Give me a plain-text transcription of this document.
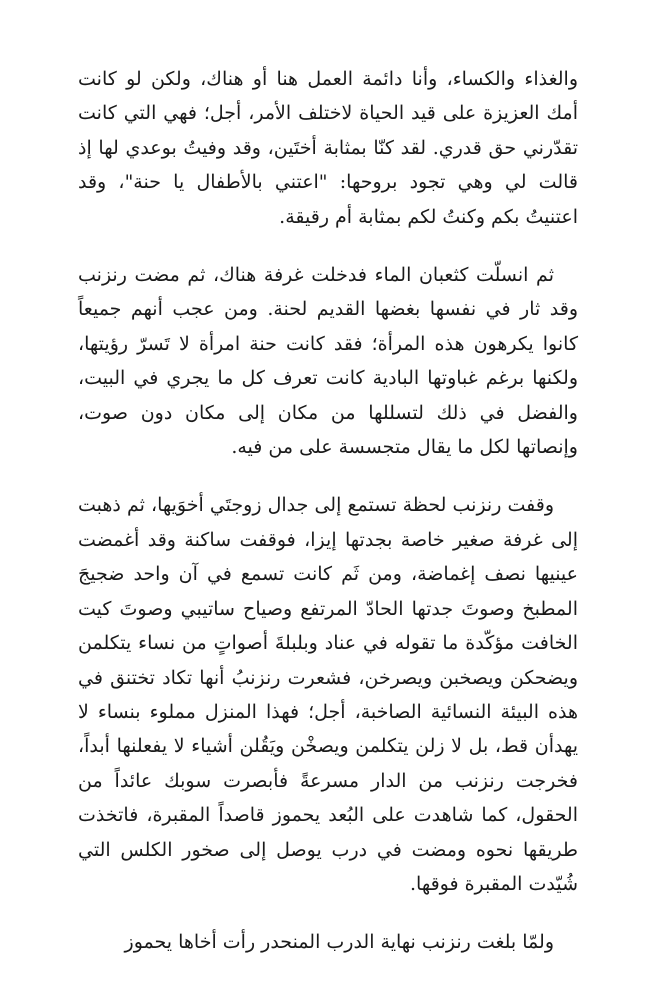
والغذاء والكساء، وأنا دائمة العمل هنا أو هناك، ولكن لو كانت أمك العزيزة على قيد الحياة لاختلف الأمر، أجل؛ فهي التي كانت تقدّرني حق قدري. لقد كنّا بمثابة أختَين، وقد وفيتُ بوعدي لها إذ قالت لي وهي تجود بروحها: "اعتني بالأطفال يا حنة"، وقد اعتنيتُ بكم وكنتُ لكم بمثابة أم رقيقة.

ثم انسلّت كثعبان الماء فدخلت غرفة هناك، ثم مضت رنزنب وقد ثار في نفسها بغضها القديم لحنة. ومن عجب أنهم جميعاً كانوا يكرهون هذه المرأة؛ فقد كانت حنة امرأة لا تَسرّ رؤيتها، ولكنها برغم غباوتها البادية كانت تعرف كل ما يجري في البيت، والفضل في ذلك لتسللها من مكان إلى مكان دون صوت، وإنصاتها لكل ما يقال متجسسة على من فيه.

وقفت رنزنب لحظة تستمع إلى جدال زوجتَي أخوَيها، ثم ذهبت إلى غرفة صغير خاصة بجدتها إيزا، فوقفت ساكنة وقد أغمضت عينيها نصف إغماضة، ومن ثَم كانت تسمع في آن واحد ضجيجَ المطبخ وصوتَ جدتها الحادّ المرتفع وصياح ساتيبي وصوتَ كيت الخافت مؤكّدة ما تقوله في عناد وبلبلةَ أصواتٍ من نساء يتكلمن ويضحكن ويصخبن ويصرخن، فشعرت رنزنبُ أنها تكاد تختنق في هذه البيئة النسائية الصاخبة، أجل؛ فهذا المنزل مملوء بنساء لا يهدأن قط، بل لا زلن يتكلمن ويصخْن ويَقُلن أشياء لا يفعلنها أبداً، فخرجت رنزنب من الدار مسرعةً فأبصرت سوبك عائداً من الحقول، كما شاهدت على البُعد يحموز قاصداً المقبرة، فاتخذت طريقها نحوه ومضت في درب يوصل إلى صخور الكلس التي شُيّدت المقبرة فوقها.

ولمّا بلغت رنزنب نهاية الدرب المنحدر رأت أخاها يحموز
